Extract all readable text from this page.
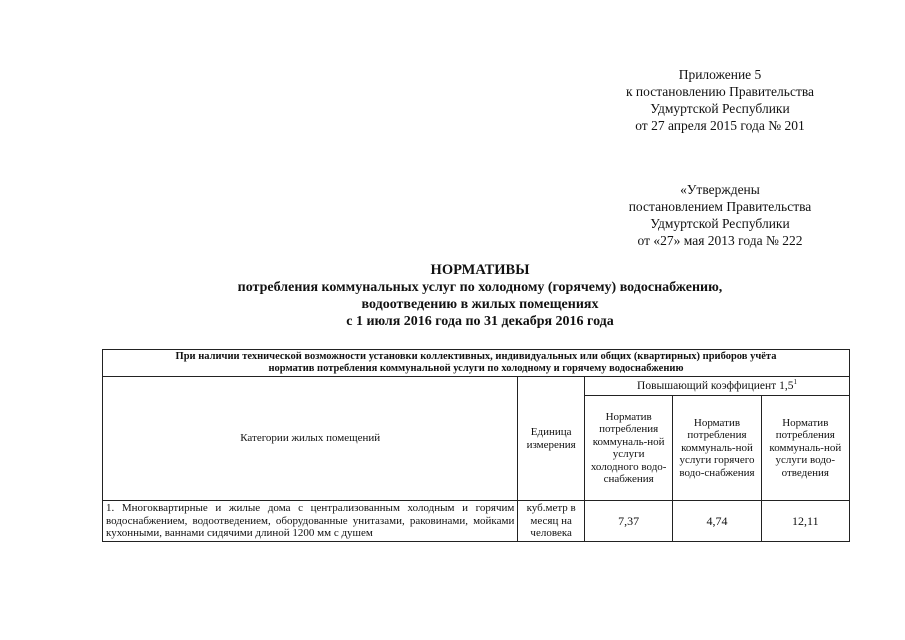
Приложение 5
к постановлению Правительства
Удмуртской Республики
от 27 апреля 2015 года № 201
«Утверждены
постановлением Правительства
Удмуртской Республики
от «27» мая 2013 года № 222
НОРМАТИВЫ
потребления коммунальных услуг по холодному (горячему) водоснабжению,
водоотведению в жилых помещениях
с 1 июля 2016 года по 31 декабря 2016 года
При наличии технической возможности установки коллективных, индивидуальных или общих (квартирных) приборов учёта
норматив потребления коммунальной услуги по холодному и горячему водоснабжению				

Категории жилых помещений	Единица измерения	Повышающий коэффициент $1,5^1$
		Норматив потребления коммуналь-ной услуги холодного водо-снабжения	Норматив потребления коммуналь-ной услуги горячего водо-снабжения	Норматив потребления коммуналь-ной услуги водо-отведения
1. Многоквартирные и жилые дома с централизованным холодным и горячим водоснабжением, водоотведением, оборудованные унитазами, раковинами, мойками кухонными, ваннами сидячими длиной 1200 мм с душем	куб.метр в месяц на человека	7,37	4,74	12,11
